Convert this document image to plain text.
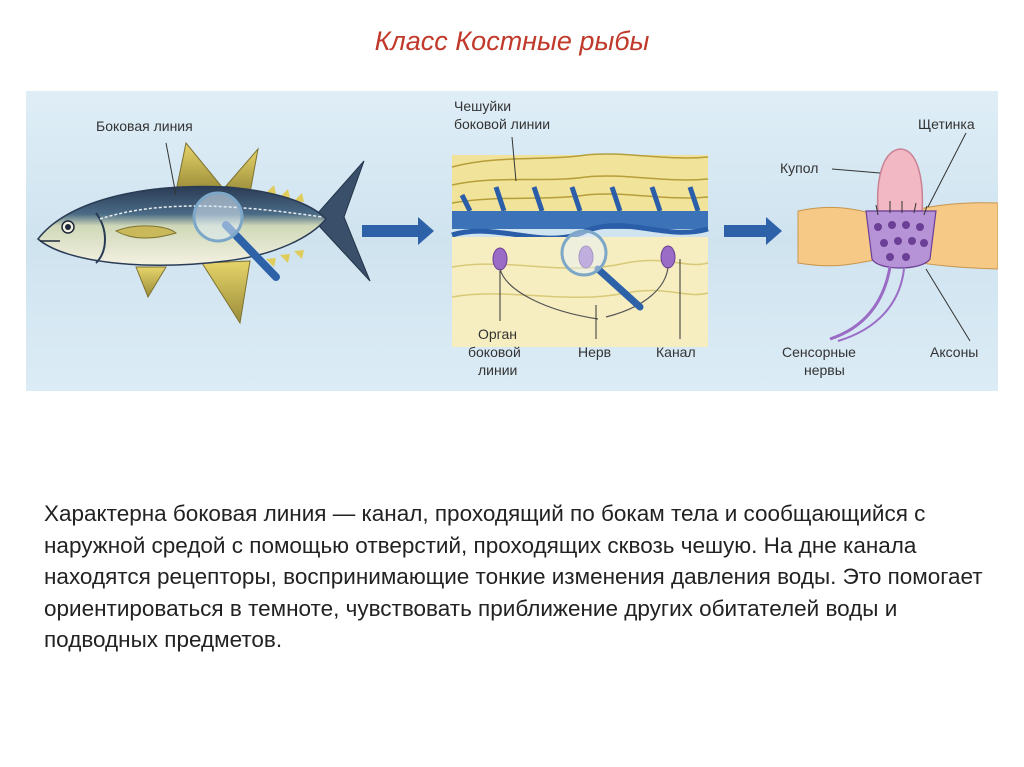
Класс Костные рыбы
Боковая линия
Чешуйки
боковой линии
Орган
боковой
линии
Нерв	Канал
Купол
Щетинка
Сенсорные
нервы
Аксоны
Характерна боковая линия — канал, проходящий по бокам тела и сообщающийся с наружной средой с помощью отверстий, проходящих сквозь чешую. На дне канала находятся рецепторы, воспринимающие тонкие изменения давления воды. Это помогает ориентироваться в темноте, чувствовать приближение других обитателей воды и подводных предметов.
